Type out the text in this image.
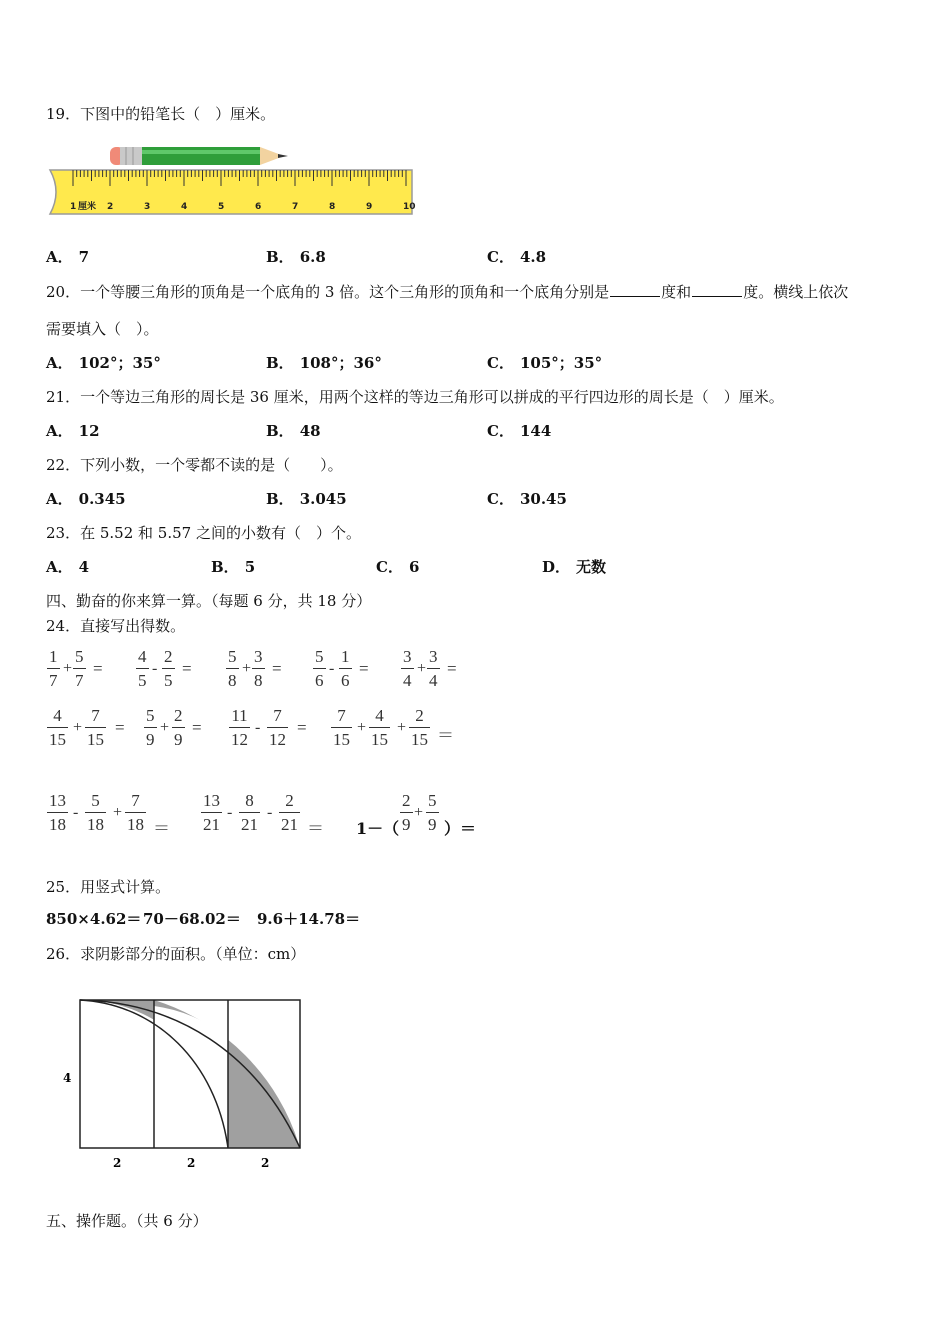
19．下图中的铅笔长（　）厘米。
1	2	3	4	5	6	7	8	9	10
厘米
20．一个等腰三角形的顶角是一个底角的 3 倍。这个三角形的顶角和一个底角分别是	度和	度。横线上依次
需要填入（　）。
21．一个等边三角形的周长是 36 厘米，用两个这样的等边三角形可以拼成的平行四边形的周长是（　）厘米。
22．下列小数，一个零都不读的是（　　）。
23．在 5.52 和 5.57 之间的小数有（　）个。
四、勤奋的你来算一算。（每题 6 分，共 18 分）
24．直接写出得数。
25．用竖式计算。
850×4.62＝ 70－68.02＝ 9.6＋14.78＝
26．求阴影部分的面积。（单位：cm）
4
2	2	2
五、操作题。（共 6 分）
A． 7	B． 6.8	C． 4.8
A． 102°；35°	B． 108°；36°	C． 105°；35°
A． 12	B． 48	C． 144
A． 0.345	B． 3.045	C． 30.45
A． 4	B． 5	C． 6	D． 无数
$\frac{1}{7} + \frac{5}{7} = \frac{4}{5} - \frac{2}{5} = \frac{5}{8} + \frac{3}{8} = \frac{5}{6} - \frac{1}{6} = \frac{3}{4} + \frac{3}{4}$ =
$\frac{4}{15} + \frac{7}{15} = \frac{5}{9} + \frac{2}{9} = \frac{11}{12} - \frac{7}{12} = \frac{7}{15} + \frac{4}{15} + \frac{2}{15}$ ＝
$\frac{13}{18} - \frac{5}{18} + \frac{7}{18} = \frac{13}{21} - \frac{8}{21} - \frac{2}{21} = 1-( \frac{2}{9} + \frac{5}{9}$ ）＝
